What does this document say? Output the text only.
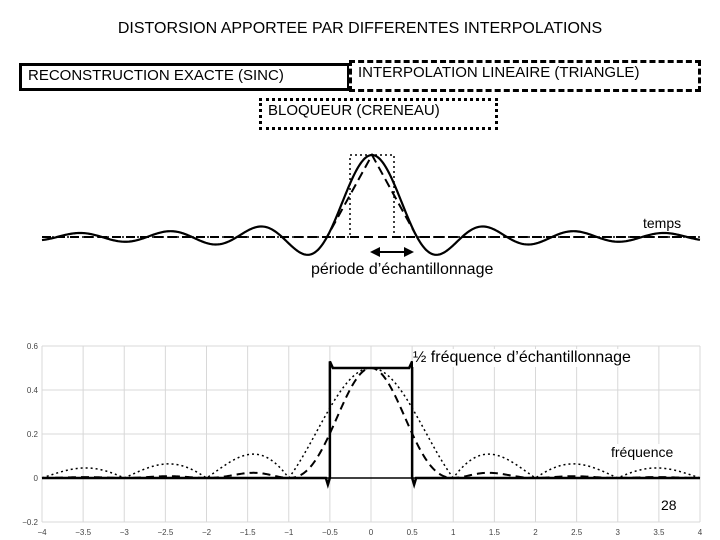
DISTORSION APPORTEE PAR DIFFERENTES INTERPOLATIONS
RECONSTRUCTION EXACTE (SINC)	INTERPOLATION LINEAIRE (TRIANGLE)
BLOQUEUR (CRENEAU)
temps
période d’échantillonnage
−4	−3.5	−3	−2.5	−2	−1.5	−1	−0.5	0	0.5	1	1.5	2	2.5	3	3.5	4
−0.2
0
0.2
0.4
0.6
½ fréquence d’échantillonnage
fréquence
28
